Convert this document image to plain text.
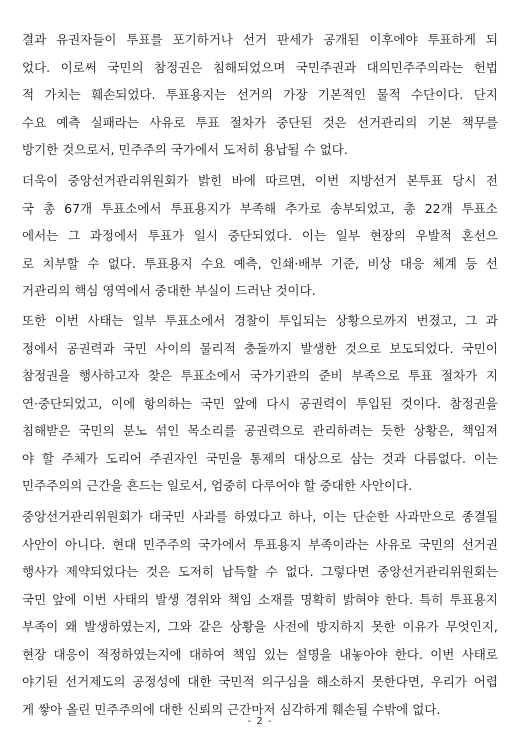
결과 유권자들이 투표를 포기하거나 선거 판세가 공개된 이후에야 투표하게 되
었다. 이로써 국민의 참정권은 침해되었으며 국민주권과 대의민주주의라는 헌법
적 가치는 훼손되었다. 투표용지는 선거의 가장 기본적인 물적 수단이다. 단지
수요 예측 실패라는 사유로 투표 절차가 중단된 것은 선거관리의 기본 책무를
방기한 것으로서, 민주주의 국가에서 도저히 용납될 수 없다.
더욱이 중앙선거관리위원회가 밝힌 바에 따르면, 이번 지방선거 본투표 당시 전
국 총 67개 투표소에서 투표용지가 부족해 추가로 송부되었고, 총 22개 투표소
에서는 그 과정에서 투표가 일시 중단되었다. 이는 일부 현장의 우발적 혼선으
로 치부할 수 없다. 투표용지 수요 예측, 인쇄·배부 기준, 비상 대응 체계 등 선
거관리의 핵심 영역에서 중대한 부실이 드러난 것이다.
또한 이번 사태는 일부 투표소에서 경찰이 투입되는 상황으로까지 번졌고, 그 과
정에서 공권력과 국민 사이의 물리적 충돌까지 발생한 것으로 보도되었다. 국민이
참정권을 행사하고자 찾은 투표소에서 국가기관의 준비 부족으로 투표 절차가 지
연·중단되었고, 이에 항의하는 국민 앞에 다시 공권력이 투입된 것이다. 참정권을
침해받은 국민의 분노 섞인 목소리를 공권력으로 관리하려는 듯한 상황은, 책임져
야 할 주체가 도리어 주권자인 국민을 통제의 대상으로 삼는 것과 다름없다. 이는
민주주의의 근간을 흔드는 일로서, 엄중히 다루어야 할 중대한 사안이다.
중앙선거관리위원회가 대국민 사과를 하였다고 하나, 이는 단순한 사과만으로 종결될
사안이 아니다. 현대 민주주의 국가에서 투표용지 부족이라는 사유로 국민의 선거권
행사가 제약되었다는 것은 도저히 납득할 수 없다. 그렇다면 중앙선거관리위원회는
국민 앞에 이번 사태의 발생 경위와 책임 소재를 명확히 밝혀야 한다. 특히 투표용지
부족이 왜 발생하였는지, 그와 같은 상황을 사전에 방지하지 못한 이유가 무엇인지,
현장 대응이 적정하였는지에 대하여 책임 있는 설명을 내놓아야 한다. 이번 사태로
야기된 선거제도의 공정성에 대한 국민적 의구심을 해소하지 못한다면, 우리가 어렵
게 쌓아 올린 민주주의에 대한 신뢰의 근간마저 심각하게 훼손될 수밖에 없다.
- 2 -
